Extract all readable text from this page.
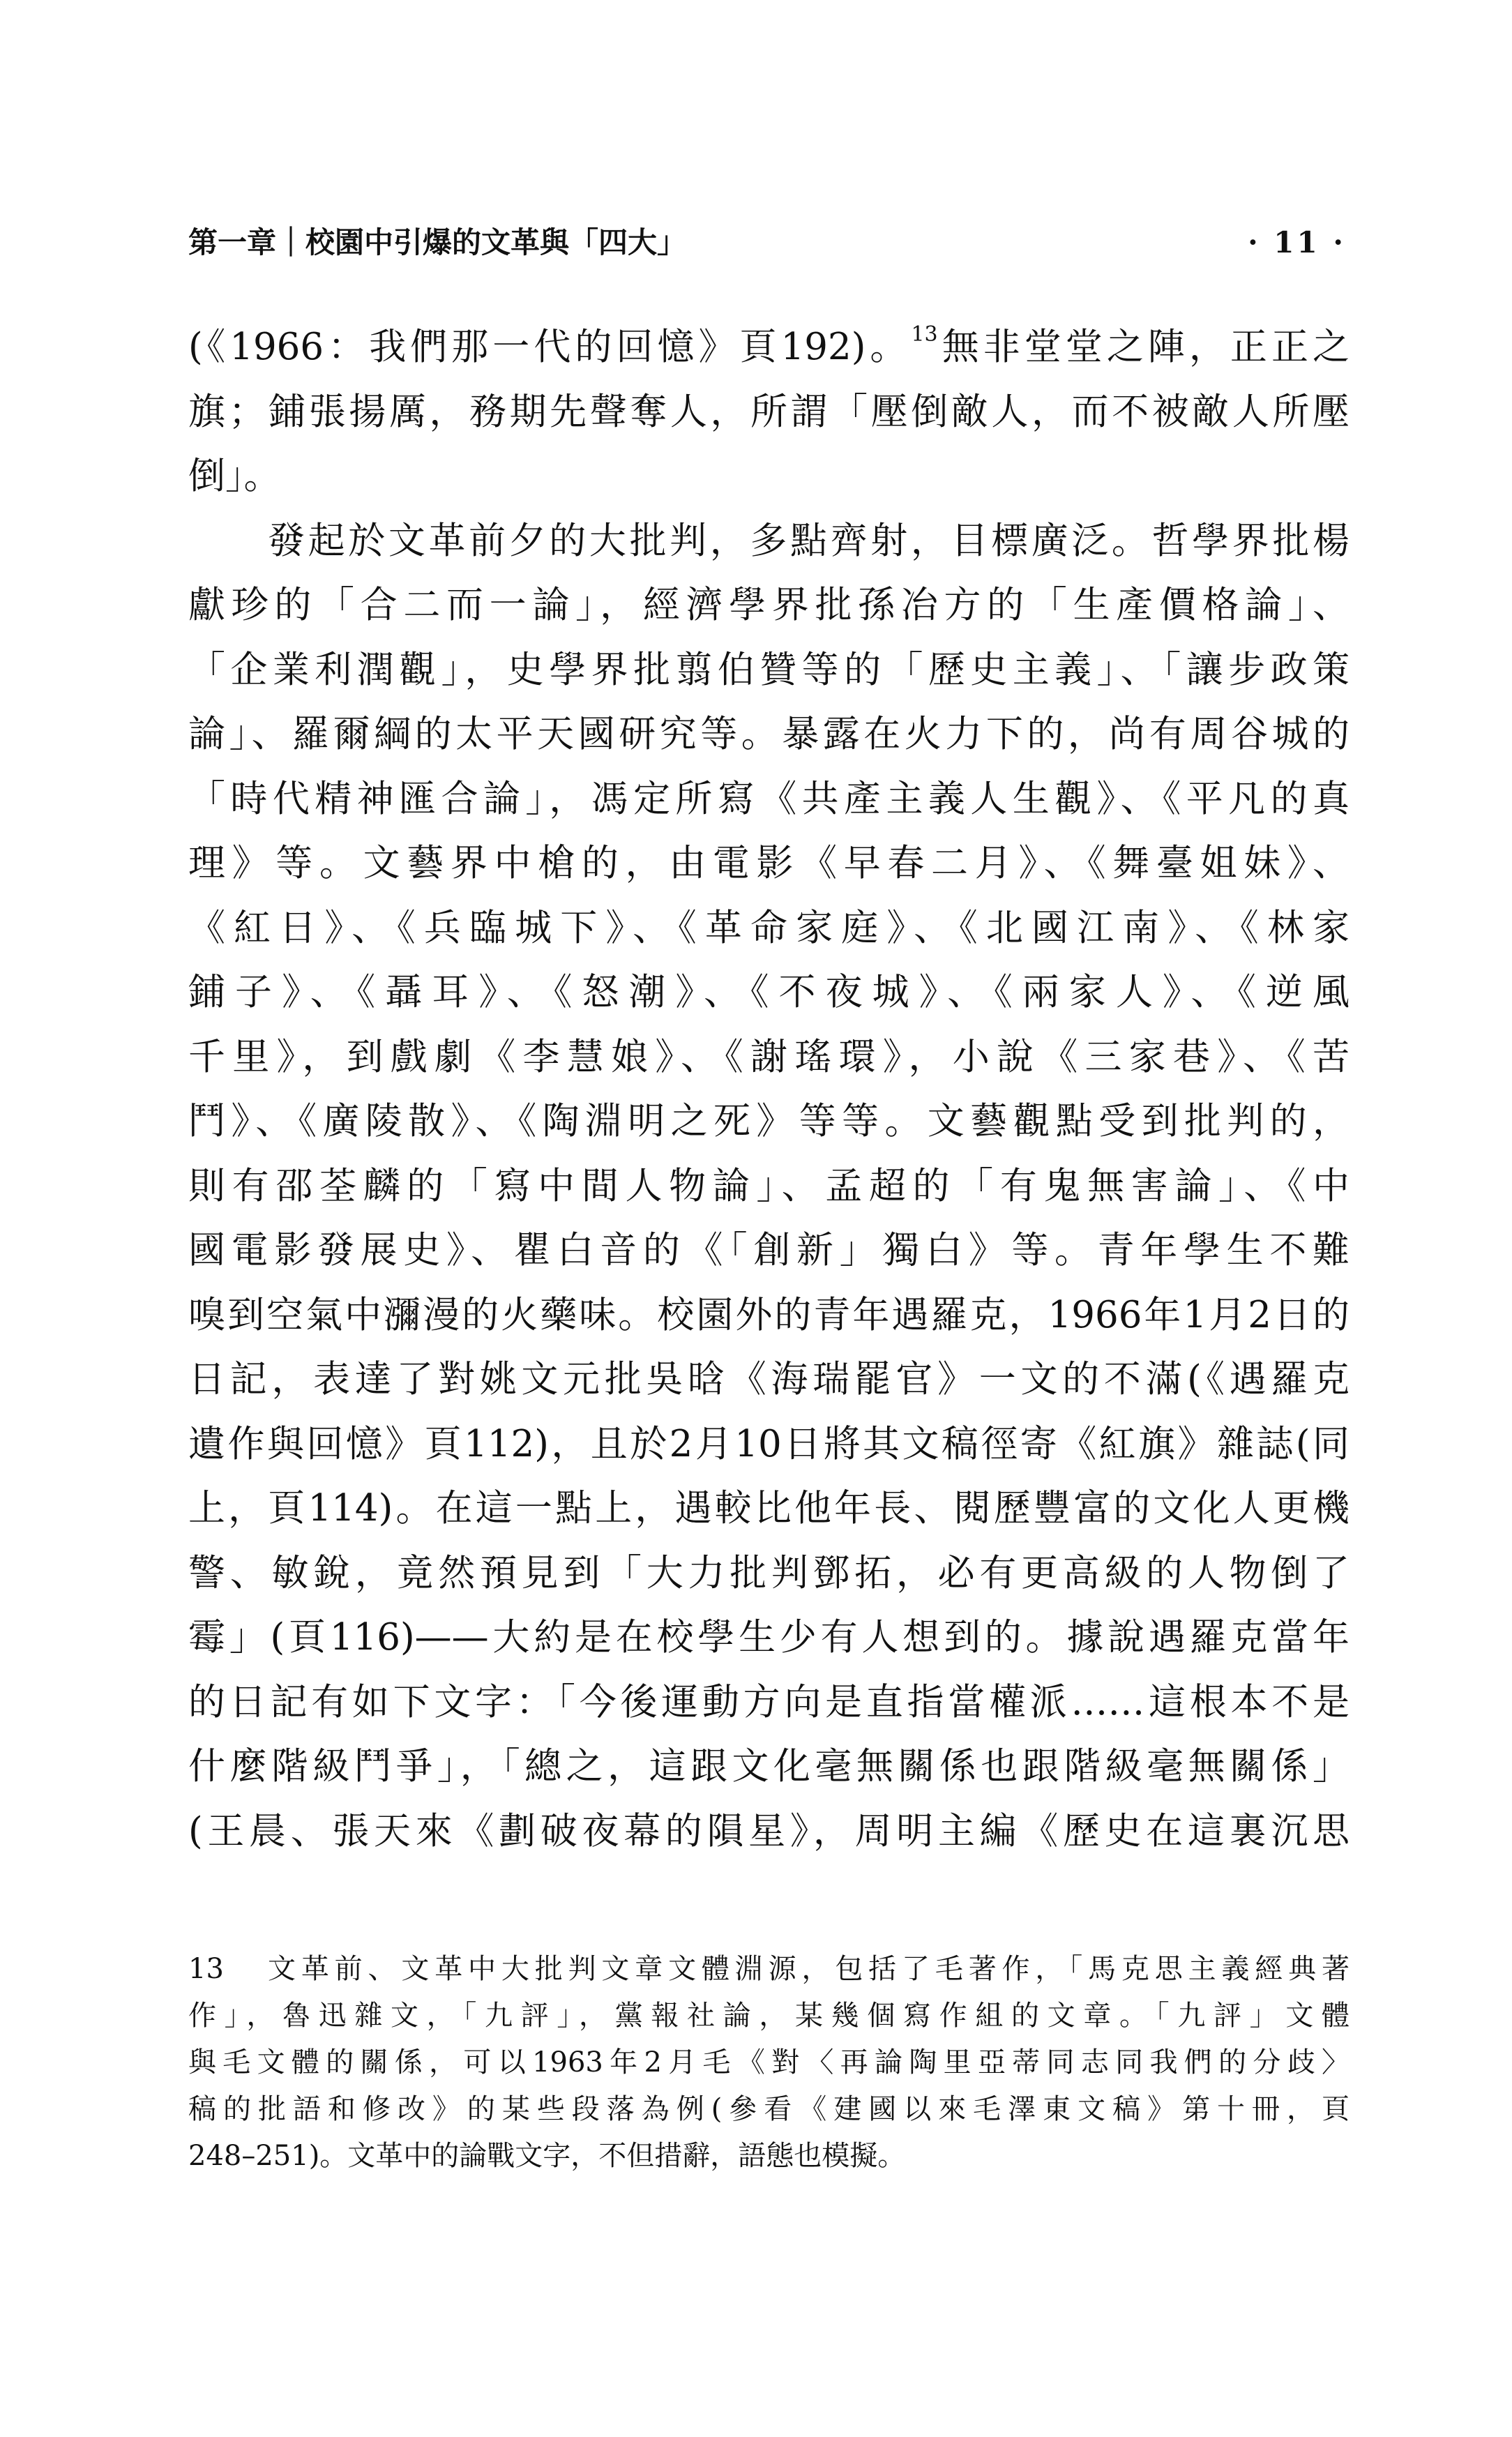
第一章｜校園中引爆的文革與「四大」	· 11 ·
(《1966：我們那一代的回憶》頁192)。$^{13}$無非堂堂之陣，正正之
旗；鋪張揚厲，務期先聲奪人，所謂「壓倒敵人，而不被敵人所壓
倒」。
發起於文革前夕的大批判，多點齊射，目標廣泛。哲學界批楊
獻珍的「合二而一論」，經濟學界批孫冶方的「生產價格論」、
「企業利潤觀」，史學界批翦伯贊等的「歷史主義」、「讓步政策
論」、羅爾綱的太平天國研究等。暴露在火力下的，尚有周谷城的
「時代精神匯合論」，馮定所寫《共產主義人生觀》、《平凡的真
理》等。文藝界中槍的，由電影《早春二月》、《舞臺姐妹》、
《紅日》、《兵臨城下》、《革命家庭》、《北國江南》、《林家
鋪子》、《聶耳》、《怒潮》、《不夜城》、《兩家人》、《逆風
千里》，到戲劇《李慧娘》、《謝瑤環》，小說《三家巷》、《苦
鬥》、《廣陵散》、《陶淵明之死》等等。文藝觀點受到批判的，
則有邵荃麟的「寫中間人物論」、孟超的「有鬼無害論」、《中
國電影發展史》、瞿白音的《「創新」獨白》等。青年學生不難
嗅到空氣中瀰漫的火藥味。校園外的青年遇羅克，1966年1月2日的
日記，表達了對姚文元批吳晗《海瑞罷官》一文的不滿(《遇羅克
遺作與回憶》頁112)，且於2月10日將其文稿徑寄《紅旗》雜誌(同
上，頁114)。在這一點上，遇較比他年長、閱歷豐富的文化人更機
警、敏銳，竟然預見到「大力批判鄧拓，必有更高級的人物倒了
霉」(頁116)——大約是在校學生少有人想到的。據說遇羅克當年
的日記有如下文字：「今後運動方向是直指當權派……這根本不是
什麼階級鬥爭」，「總之，這跟文化毫無關係也跟階級毫無關係」
(王晨、張天來《劃破夜幕的隕星》，周明主編《歷史在這裏沉思
13	文革前、文革中大批判文章文體淵源，包括了毛著作，「馬克思主義經典著
作」，魯迅雜文，「九評」，黨報社論，某幾個寫作組的文章。「九評」文體
與毛文體的關係，可以1963年2月毛《對〈再論陶里亞蒂同志同我們的分歧〉
稿的批語和修改》的某些段落為例(參看《建國以來毛澤東文稿》第十冊，頁
248–251)。文革中的論戰文字，不但措辭，語態也模擬。
